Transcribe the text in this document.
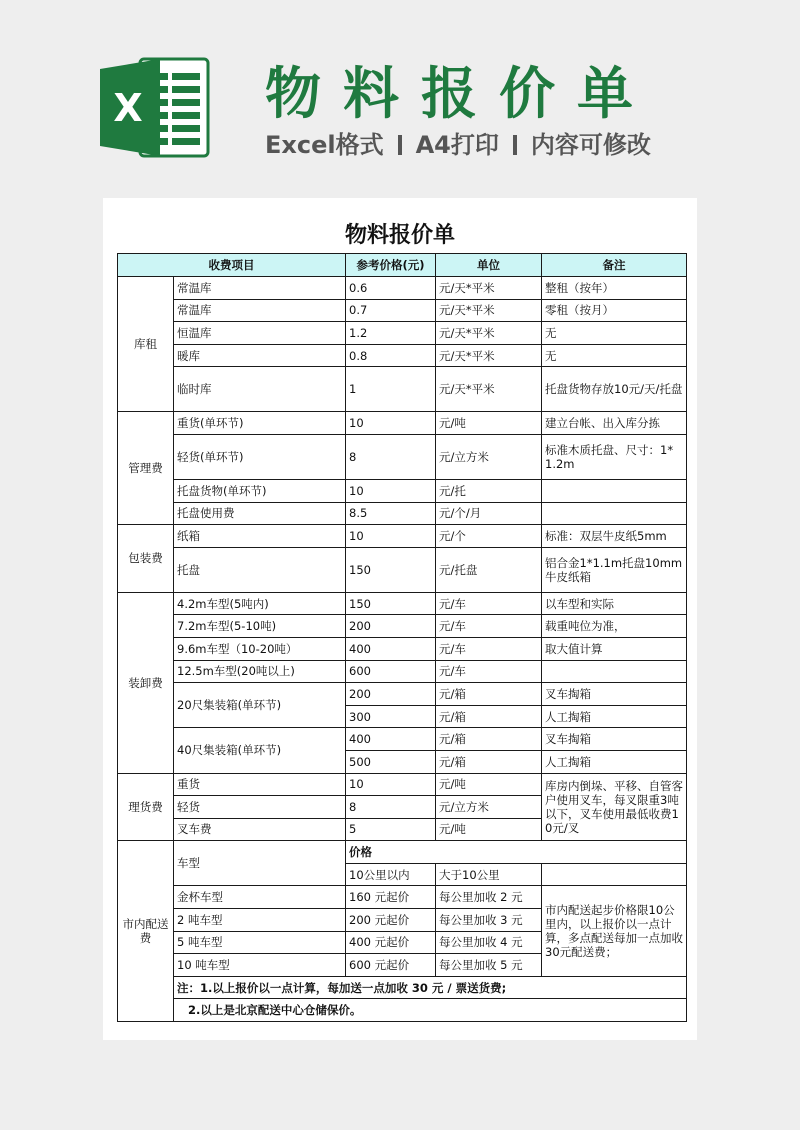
X 物料报价单
Excel格式 A4打印 内容可修改
物料报价单
收费项目		参考价格(元)	单位	备注
库租	常温库	0.6	元/天*平米	整租（按年）
	常温库	0.7	元/天*平米	零租（按月）
	恒温库	1.2	元/天*平米	无
	暖库	0.8	元/天*平米	无
	临时库	1	元/天*平米	托盘货物存放10元/天/托盘
管理费	重货(单环节)	10	元/吨	建立台帐、出入库分拣
	轻货(单环节)	8	元/立方米	标准木质托盘、尺寸：1*1.2m
	托盘货物(单环节)	10	元/托	
	托盘使用费	8.5	元/个/月	
包装费	纸箱	10	元/个	标准：双层牛皮纸5mm
	托盘	150	元/托盘	铝合金1*1.1m托盘10mm牛皮纸箱
装卸费	4.2m车型(5吨内)	150	元/车	以车型和实际
	7.2m车型(5-10吨)	200	元/车	载重吨位为准，
	9.6m车型（10-20吨）	400	元/车	取大值计算
	12.5m车型(20吨以上)	600	元/车	
	20尺集装箱(单环节)	200	元/箱	叉车掏箱
		300	元/箱	人工掏箱
	40尺集装箱(单环节)	400	元/箱	叉车掏箱
		500	元/箱	人工掏箱
理货费	重货	10	元/吨	库房内倒垛、平移、自管客户使用叉车，每叉限重3吨以下，叉车使用最低收费10元/叉
	轻货	8	元/立方米	
	叉车费	5	元/吨	
市内配送费	车型	价格		
		10公里以内	大于10公里	
	金杯车型	160 元起价	每公里加收 2 元	市内配送起步价格限10公里内，以上报价以一点计算，多点配送每加一点加收30元配送费；
	2 吨车型	200 元起价	每公里加收 3 元	
	5 吨车型	400 元起价	每公里加收 4 元	
	10 吨车型	600 元起价	每公里加收 5 元	
	注：1.以上报价以一点计算，每加送一点加收 30 元 / 票送货费;			
	2.以上是北京配送中心仓储保价。			
